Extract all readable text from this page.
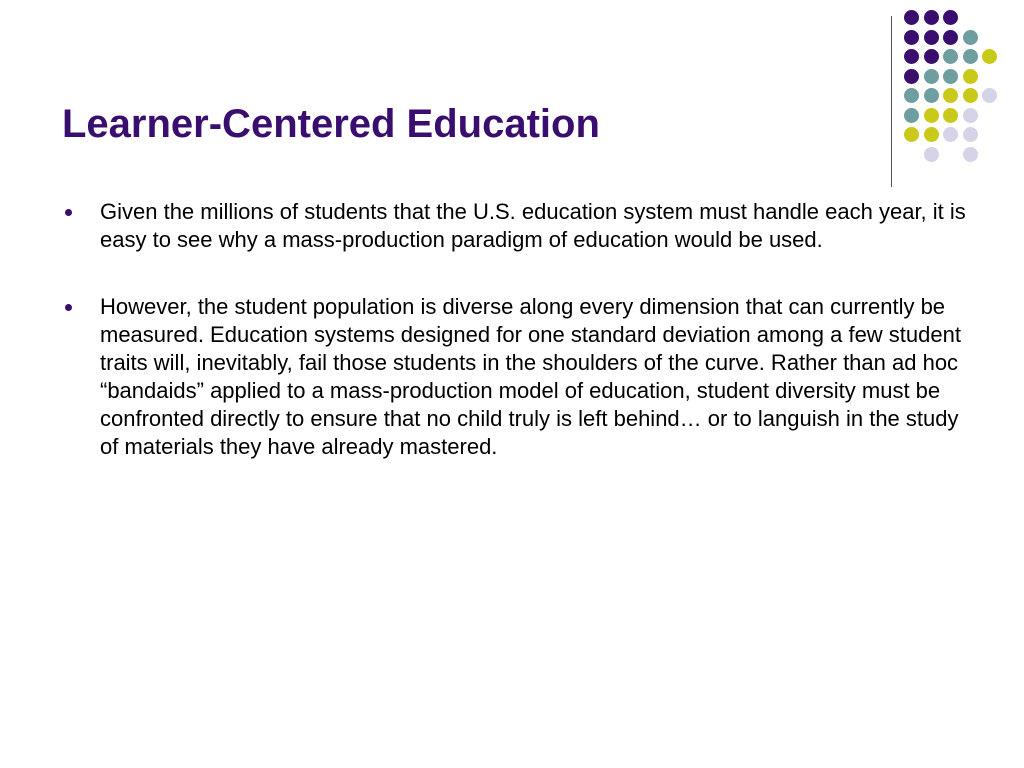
Learner-Centered Education
Given the millions of students that the U.S. education system must handle each year, it is easy to see why a mass-production paradigm of education would be used.
However, the student population is diverse along every dimension that can currently be measured. Education systems designed for one standard deviation among a few student traits will, inevitably, fail those students in the shoulders of the curve. Rather than ad hoc “bandaids” applied to a mass-production model of education, student diversity must be confronted directly to ensure that no child truly is left behind… or to languish in the study of materials they have already mastered.
